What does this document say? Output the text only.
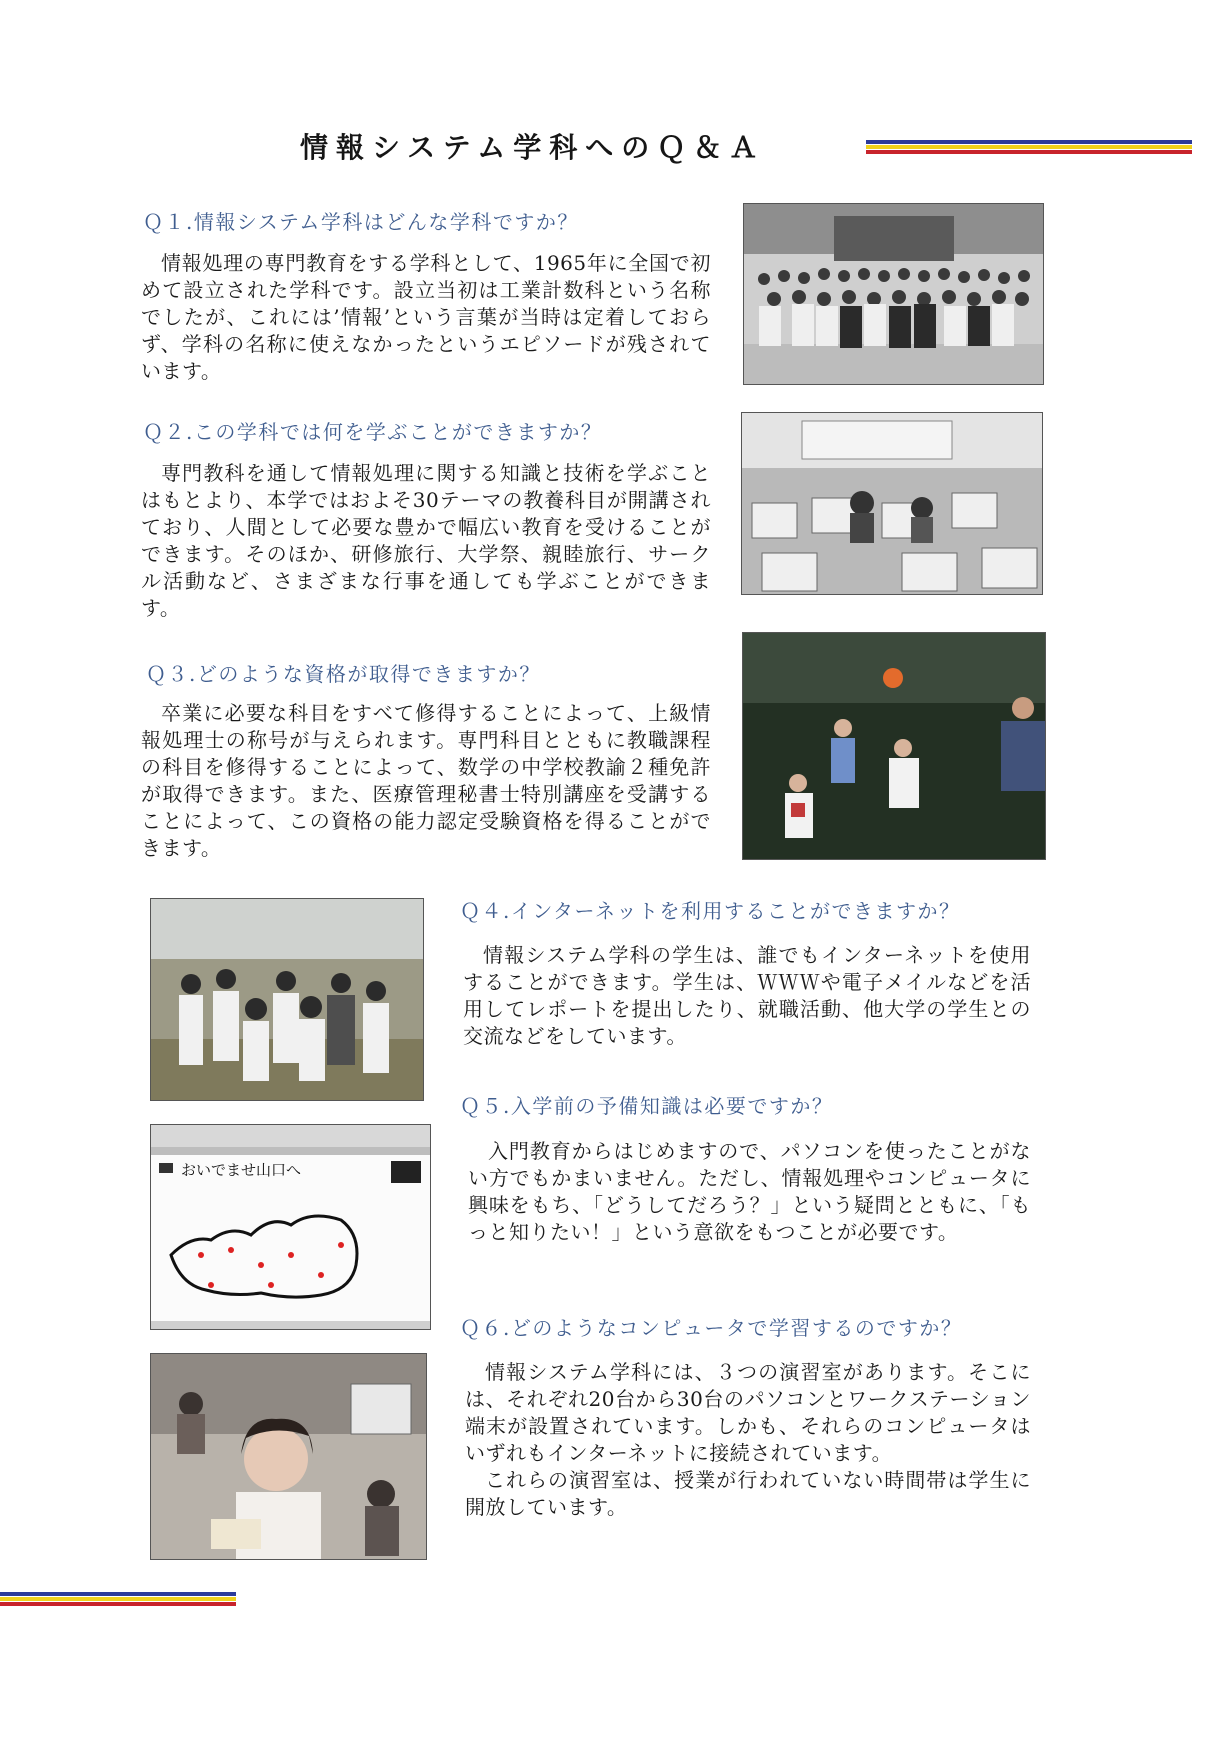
情報システム学科へのＱ＆Ａ
Ｑ１.情報システム学科はどんな学科ですか？

情報処理の専門教育をする学科として、1965年に全国で初めて設立された学科です。設立当初は工業計数科という名称でしたが、これには’情報’という言葉が当時は定着しておらず、学科の名称に使えなかったというエピソードが残されています。

Ｑ２.この学科では何を学ぶことができますか？

専門教科を通して情報処理に関する知識と技術を学ぶことはもとより、本学ではおよそ30テーマの教養科目が開講されており、人間として必要な豊かで幅広い教育を受けることができます。そのほか、研修旅行、大学祭、親睦旅行、サークル活動など、さまざまな行事を通しても学ぶことができます。

Ｑ３.どのような資格が取得できますか？

卒業に必要な科目をすべて修得することによって、上級情報処理士の称号が与えられます。専門科目とともに教職課程の科目を修得することによって、数学の中学校教諭２種免許が取得できます。また、医療管理秘書士特別講座を受講することによって、この資格の能力認定受験資格を得ることができます。

Ｑ４.インターネットを利用することができますか？

情報システム学科の学生は、誰でもインターネットを使用することができます。学生は、ＷＷＷや電子メイルなどを活用してレポートを提出したり、就職活動、他大学の学生との交流などをしています。

Ｑ５.入学前の予備知識は必要ですか？

入門教育からはじめますので、パソコンを使ったことがない方でもかまいません。ただし、情報処理やコンピュータに興味をもち、「どうしてだろう？」という疑問とともに、「もっと知りたい！」という意欲をもつことが必要です。

Ｑ６.どのようなコンピュータで学習するのですか？

情報システム学科には、３つの演習室があります。そこには、それぞれ20台から30台のパソコンとワークステーション端末が設置されています。しかも、それらのコンピュータはいずれもインターネットに接続されています。

これらの演習室は、授業が行われていない時間帯は学生に開放しています。

おいでませ山口へ
